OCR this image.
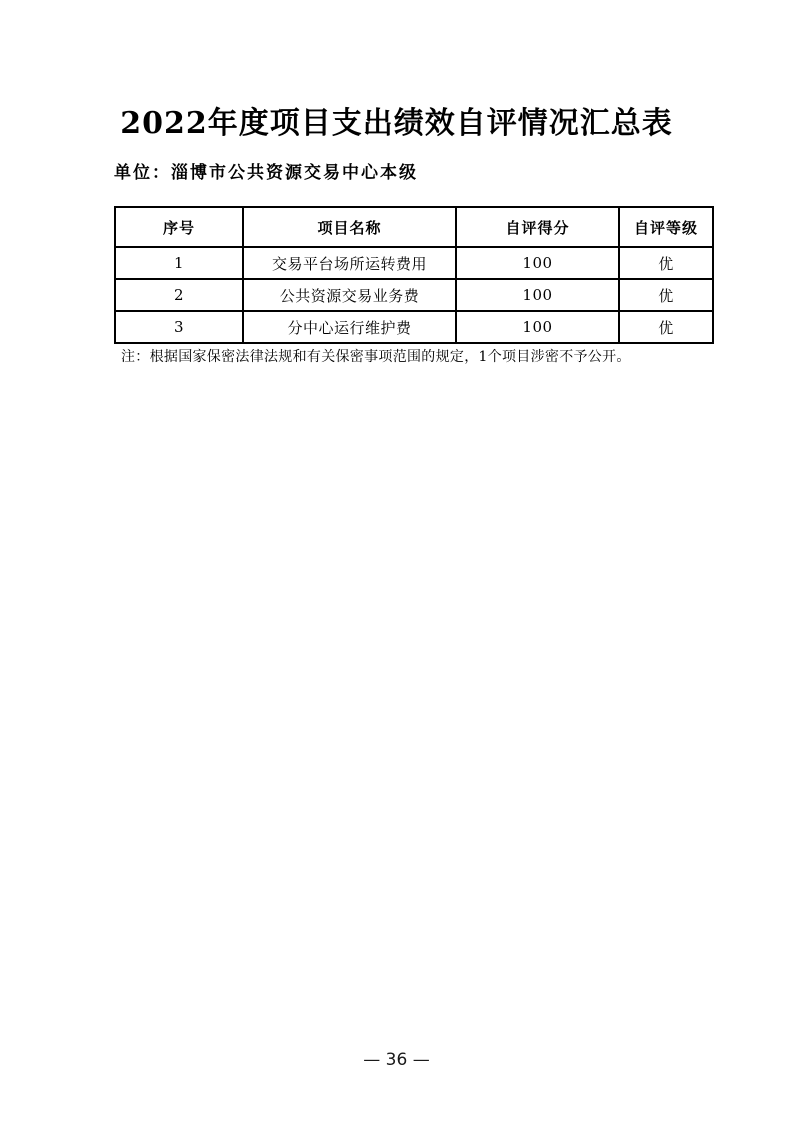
2022年度项目支出绩效自评情况汇总表
单位：淄博市公共资源交易中心本级
序号	项目名称	自评得分	自评等级
1	交易平台场所运转费用	100	优
2	公共资源交易业务费	100	优
3	分中心运行维护费	100	优
注：根据国家保密法律法规和有关保密事项范围的规定，1个项目涉密不予公开。
— 36 —
